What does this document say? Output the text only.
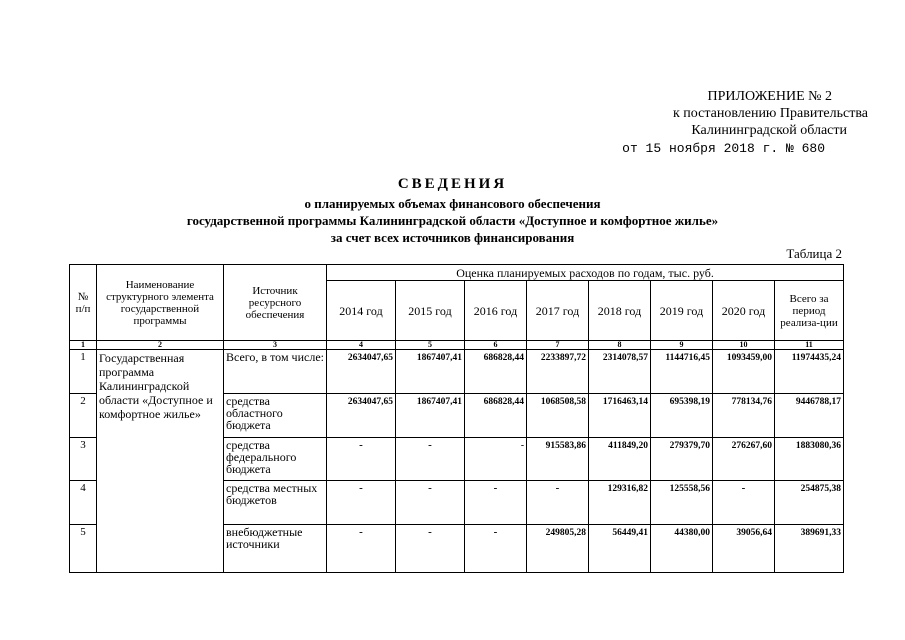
ПРИЛОЖЕНИЕ № 2
к постановлению Правительства
Калининградской области
от 15 ноября 2018 г. № 680
СВЕДЕНИЯ
о планируемых объемах финансового обеспечения
государственной программы Калининградской области «Доступное и комфортное жилье»
за счет всех источников финансирования
Таблица 2
№ п/п	Наименование структурного элемента государственной программы	Источник ресурсного обеспечения	Оценка планируемых расходов по годам, тыс. руб.							
			2014 год	2015 год	2016 год	2017 год	2018 год	2019 год	2020 год	Всего за период реализа-ции
1	2	3	4	5	6	7	8	9	10	11
1	Государственная программа Калининградской области «Доступное и комфортное жилье»	Всего, в том числе:	2634047,65	1867407,41	686828,44	2233897,72	2314078,57	1144716,45	1093459,00	11974435,24
2		средства областного бюджета	2634047,65	1867407,41	686828,44	1068508,58	1716463,14	695398,19	778134,76	9446788,17
3		средства федерального бюджета	-	-	-	915583,86	411849,20	279379,70	276267,60	1883080,36
4		средства местных бюджетов	-	-	-	-	129316,82	125558,56	-	254875,38
5		внебюджетные источники	-	-	-	249805,28	56449,41	44380,00	39056,64	389691,33
